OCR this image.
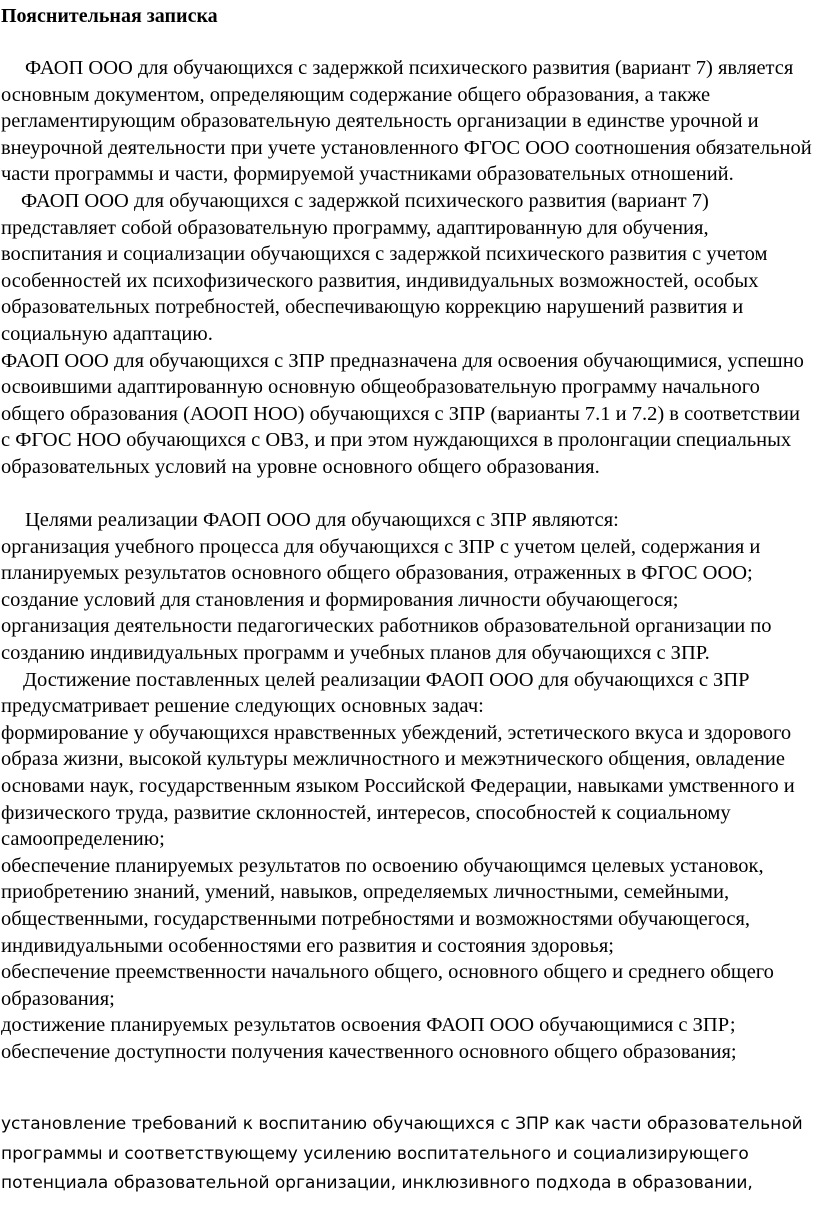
Пояснительная записка

ФАОП ООО для обучающихся с задержкой психического развития (вариант 7) является основным документом, определяющим содержание общего образования, а также регламентирующим образовательную деятельность организации в единстве урочной и внеурочной деятельности при учете установленного ФГОС ООО соотношения обязательной части программы и части, формируемой участниками образовательных отношений.

ФАОП ООО для обучающихся с задержкой психического развития (вариант 7) представляет собой образовательную программу, адаптированную для обучения, воспитания и социализации обучающихся с задержкой психического развития с учетом особенностей их психофизического развития, индивидуальных возможностей, особых образовательных потребностей, обеспечивающую коррекцию нарушений развития и социальную адаптацию.

ФАОП ООО для обучающихся с ЗПР предназначена для освоения обучающимися, успешно освоившими адаптированную основную общеобразовательную программу начального общего образования (АООП НОО) обучающихся с ЗПР (варианты 7.1 и 7.2) в соответствии с ФГОС НОО обучающихся с ОВЗ, и при этом нуждающихся в пролонгации специальных образовательных условий на уровне основного общего образования.

Целями реализации ФАОП ООО для обучающихся с ЗПР являются:

организация учебного процесса для обучающихся с ЗПР с учетом целей, содержания и планируемых результатов основного общего образования, отраженных в ФГОС ООО;

создание условий для становления и формирования личности обучающегося;

организация деятельности педагогических работников образовательной организации по созданию индивидуальных программ и учебных планов для обучающихся с ЗПР.

Достижение поставленных целей реализации ФАОП ООО для обучающихся с ЗПР предусматривает решение следующих основных задач:

формирование у обучающихся нравственных убеждений, эстетического вкуса и здорового образа жизни, высокой культуры межличностного и межэтнического общения, овладение основами наук, государственным языком Российской Федерации, навыками умственного и физического труда, развитие склонностей, интересов, способностей к социальному самоопределению;

обеспечение планируемых результатов по освоению обучающимся целевых установок, приобретению знаний, умений, навыков, определяемых личностными, семейными, общественными, государственными потребностями и возможностями обучающегося, индивидуальными особенностями его развития и состояния здоровья;

обеспечение преемственности начального общего, основного общего и среднего общего образования;

достижение планируемых результатов освоения ФАОП ООО обучающимися с ЗПР;

обеспечение доступности получения качественного основного общего образования;

установление требований к воспитанию обучающихся с ЗПР как части образовательной программы и соответствующему усилению воспитательного и социализирующего потенциала образовательной организации, инклюзивного подхода в образовании,
